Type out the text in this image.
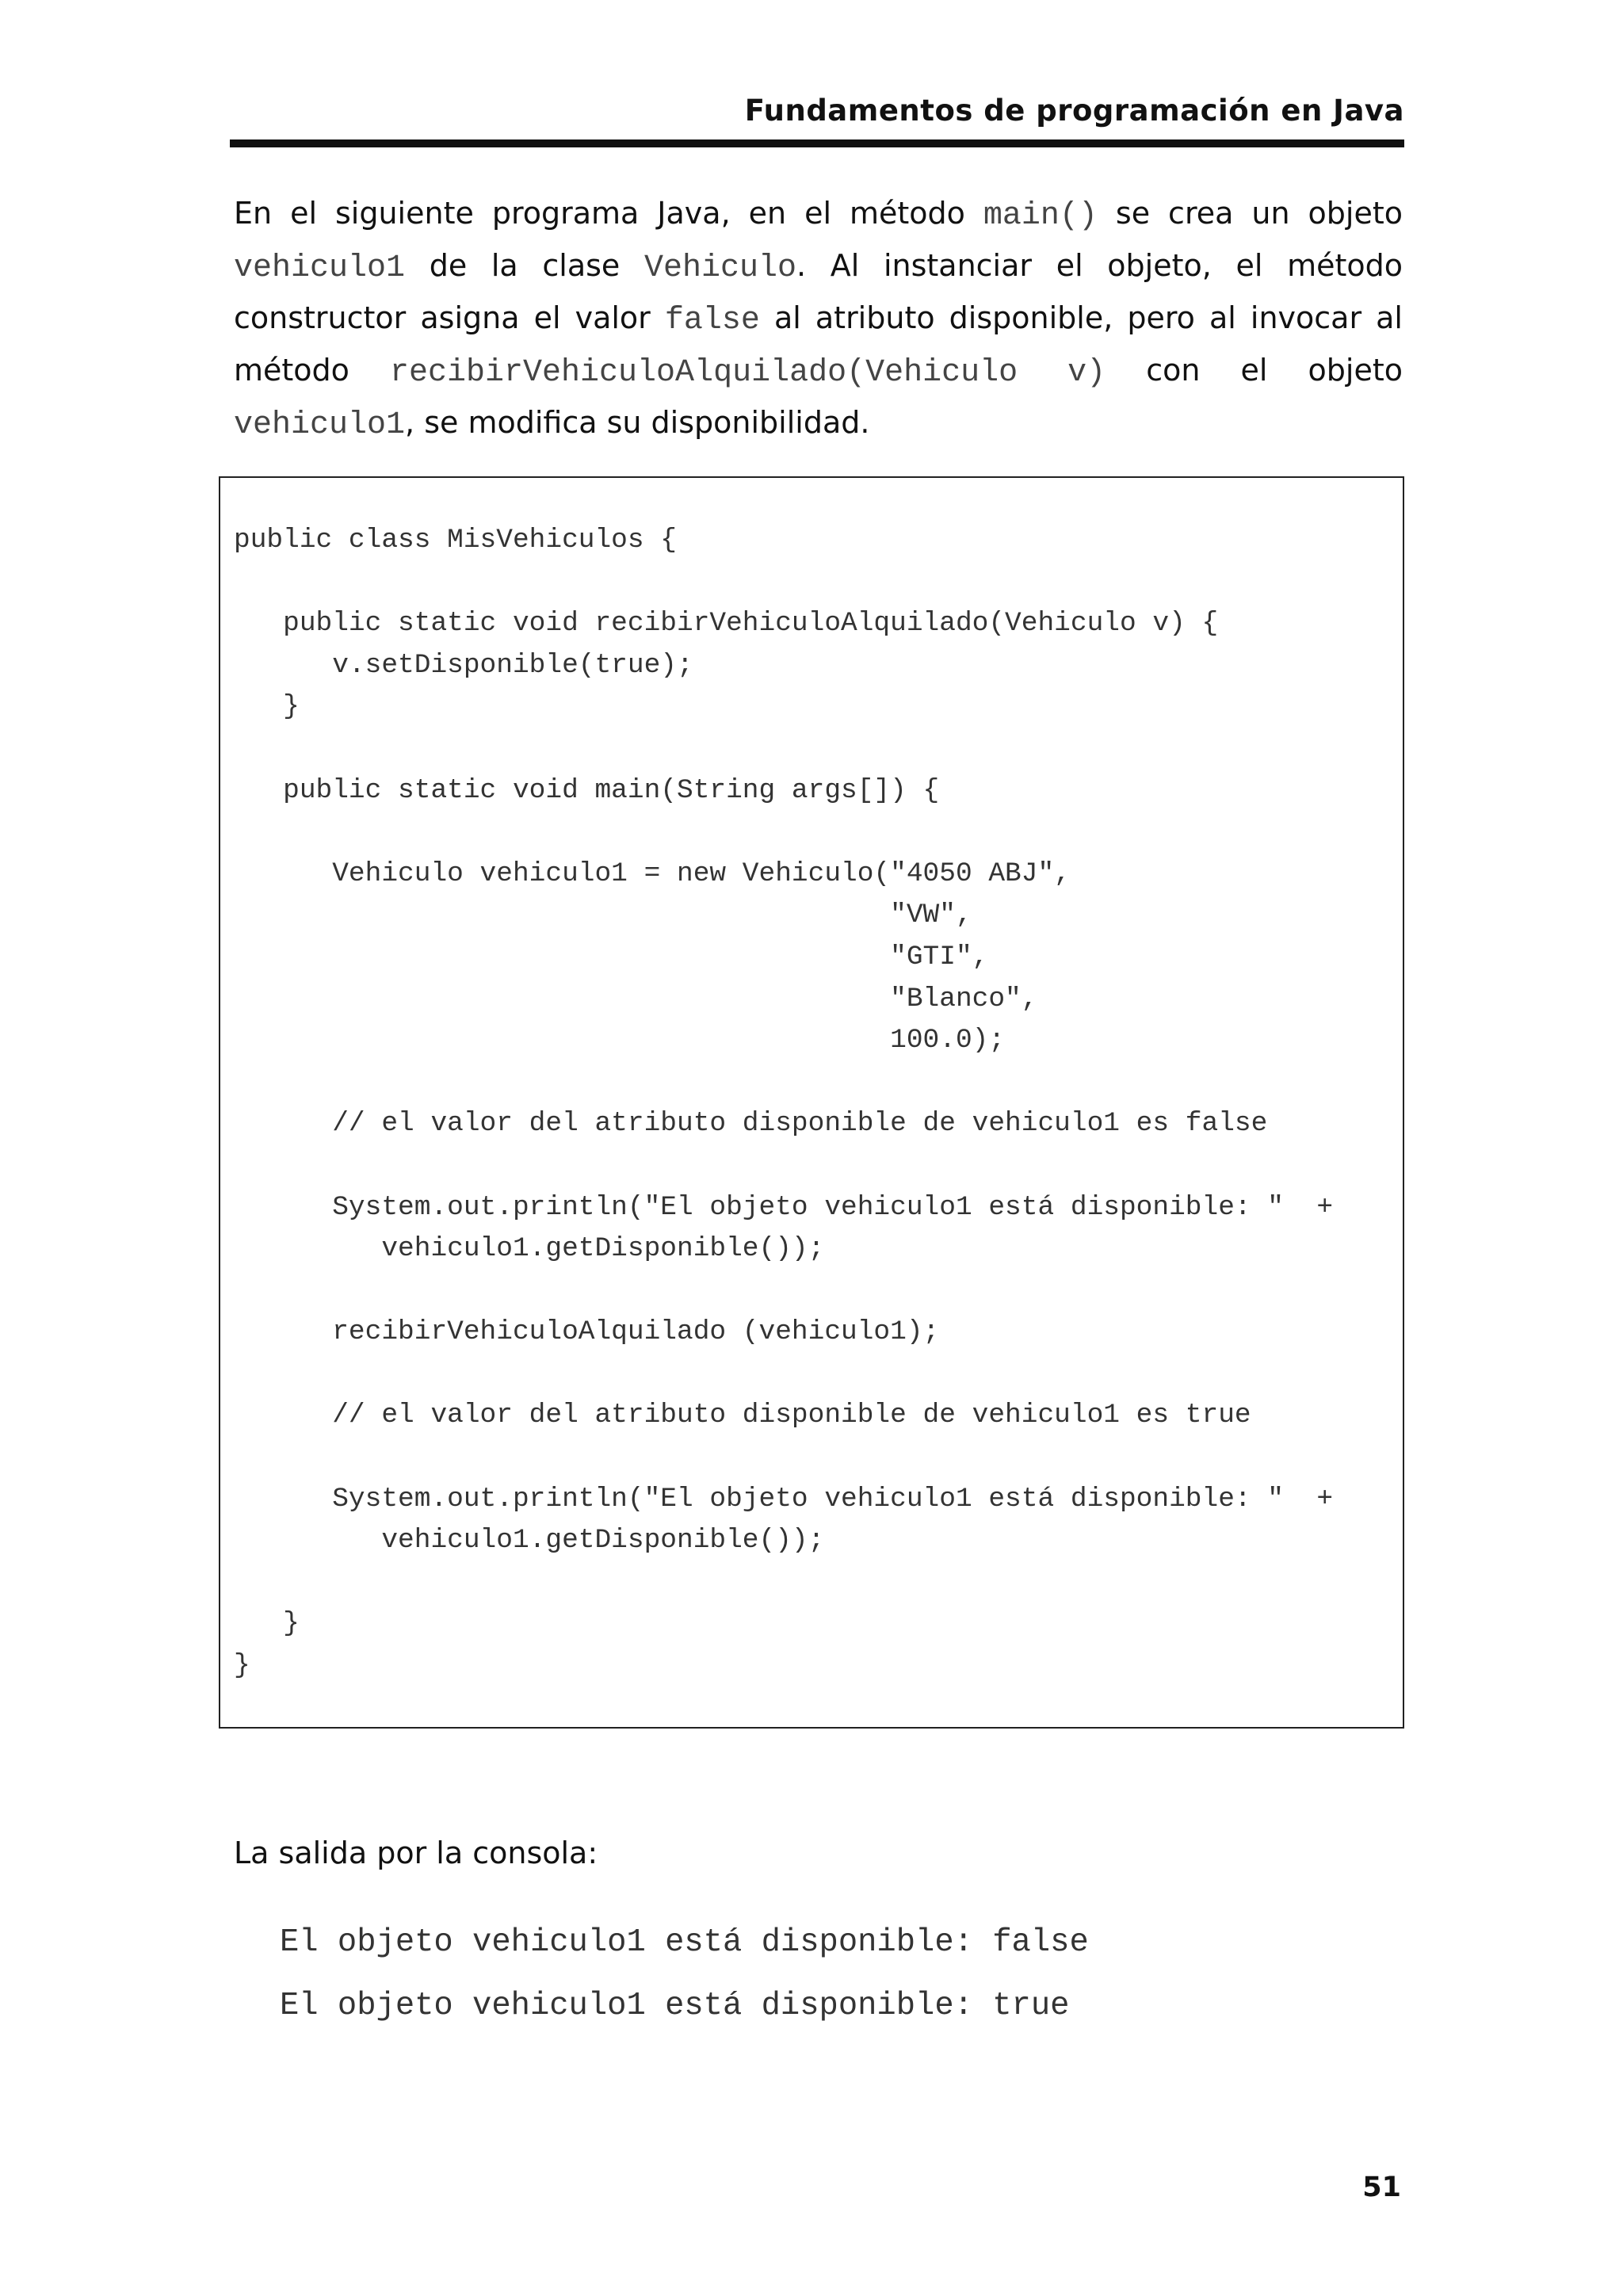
Fundamentos de programación en Java

En el siguiente programa Java, en el método main() se crea un objeto vehiculo1 de la clase Vehiculo. Al instanciar el objeto, el método constructor asigna el valor false al atributo disponible, pero al invocar al método recibirVehiculoAlquilado(Vehiculo v) con el objeto vehiculo1, se modifica su disponibilidad.

public class MisVehiculos {
public static void recibirVehiculoAlquilado(Vehiculo v) {
v.setDisponible(true);
}
public static void main(String args[]) {
Vehiculo vehiculo1 = new Vehiculo("4050 ABJ",
"VW",
"GTI",
"Blanco",
100.0);
// el valor del atributo disponible de vehiculo1 es false
System.out.println("El objeto vehiculo1 está disponible: "  +
vehiculo1.getDisponible());
recibirVehiculoAlquilado (vehiculo1);
// el valor del atributo disponible de vehiculo1 es true
System.out.println("El objeto vehiculo1 está disponible: "  +
vehiculo1.getDisponible());
}
}
La salida por la consola:
El objeto vehiculo1 está disponible: false
El objeto vehiculo1 está disponible: true
51
